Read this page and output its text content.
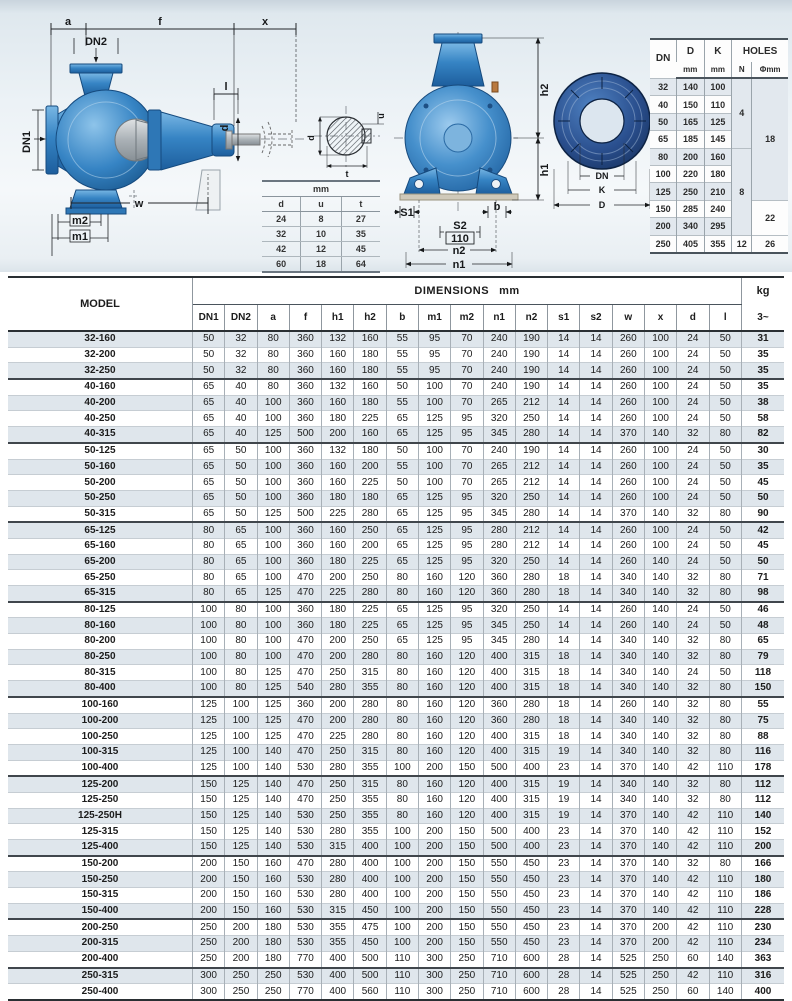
a	f	x
DN2
l
d
DN1
w
m2
m1
d
u
t
mm		
d	u	t
24	8	27
32	10	35
42	12	45
60	18	64
h2
h1
S1	b
S2
110
n2
n1
DN
K
D
DN	D	K	HOLES	
	mm	mm	N	Φmm
32	140	100	4	18
40	150	110		
50	165	125		
65	185	145		
80	200	160	8	
100	220	180		
125	250	210		
150	285	240		22
200	340	295		
250	405	355	12	26
MODEL	DIMENSIONS mm																	kg
	DN1	DN2	a	f	h1	h2	b	m1	m2	n1	n2	s1	s2	w	x	d	l	3~
32-160	50	32	80	360	132	160	55	95	70	240	190	14	14	260	100	24	50	31
32-200	50	32	80	360	160	180	55	95	70	240	190	14	14	260	100	24	50	35
32-250	50	32	80	360	160	180	55	95	70	240	190	14	14	260	100	24	50	35
40-160	65	40	80	360	132	160	50	100	70	240	190	14	14	260	100	24	50	35
40-200	65	40	100	360	160	180	55	100	70	265	212	14	14	260	100	24	50	38
40-250	65	40	100	360	180	225	65	125	95	320	250	14	14	260	100	24	50	58
40-315	65	40	125	500	200	160	65	125	95	345	280	14	14	370	140	32	80	82
50-125	65	50	100	360	132	180	50	100	70	240	190	14	14	260	100	24	50	30
50-160	65	50	100	360	160	200	55	100	70	265	212	14	14	260	100	24	50	35
50-200	65	50	100	360	160	225	50	100	70	265	212	14	14	260	100	24	50	45
50-250	65	50	100	360	180	180	65	125	95	320	250	14	14	260	100	24	50	50
50-315	65	50	125	500	225	280	65	125	95	345	280	14	14	370	140	32	80	90
65-125	80	65	100	360	160	250	65	125	95	280	212	14	14	260	100	24	50	42
65-160	80	65	100	360	160	200	65	125	95	280	212	14	14	260	100	24	50	45
65-200	80	65	100	360	180	225	65	125	95	320	250	14	14	260	140	24	50	50
65-250	80	65	100	470	200	250	80	160	120	360	280	18	14	340	140	32	80	71
65-315	80	65	125	470	225	280	80	160	120	360	280	18	14	340	140	32	80	98
80-125	100	80	100	360	180	225	65	125	95	320	250	14	14	260	140	24	50	46
80-160	100	80	100	360	180	225	65	125	95	345	250	14	14	260	140	24	50	48
80-200	100	80	100	470	200	250	65	125	95	345	280	14	14	340	140	32	80	65
80-250	100	80	100	470	200	280	80	160	120	400	315	18	14	340	140	32	80	79
80-315	100	80	125	470	250	315	80	160	120	400	315	18	14	340	140	24	50	118
80-400	100	80	125	540	280	355	80	160	120	400	315	18	14	340	140	32	80	150
100-160	125	100	125	360	200	280	80	160	120	360	280	18	14	260	140	32	80	55
100-200	125	100	125	470	200	280	80	160	120	360	280	18	14	340	140	32	80	75
100-250	125	100	125	470	225	280	80	160	120	400	315	18	14	340	140	32	80	88
100-315	125	100	140	470	250	315	80	160	120	400	315	19	14	340	140	32	80	116
100-400	125	100	140	530	280	355	100	200	150	500	400	23	14	370	140	42	110	178
125-200	150	125	140	470	250	315	80	160	120	400	315	19	14	340	140	32	80	112
125-250	150	125	140	470	250	355	80	160	120	400	315	19	14	340	140	32	80	112
125-250H	150	125	140	530	250	355	80	160	120	400	315	19	14	370	140	42	110	140
125-315	150	125	140	530	280	355	100	200	150	500	400	23	14	370	140	42	110	152
125-400	150	125	140	530	315	400	100	200	150	500	400	23	14	370	140	42	110	200
150-200	200	150	160	470	280	400	100	200	150	550	450	23	14	370	140	32	80	166
150-250	200	150	160	530	280	400	100	200	150	550	450	23	14	370	140	42	110	180
150-315	200	150	160	530	280	400	100	200	150	550	450	23	14	370	140	42	110	186
150-400	200	150	160	530	315	450	100	200	150	550	450	23	14	370	140	42	110	228
200-250	250	200	180	530	355	475	100	200	150	550	450	23	14	370	200	42	110	230
200-315	250	200	180	530	355	450	100	200	150	550	450	23	14	370	200	42	110	234
200-400	250	200	180	770	400	500	110	300	250	710	600	28	14	525	250	60	140	363
250-315	300	250	250	530	400	500	110	300	250	710	600	28	14	525	250	42	110	316
250-400	300	250	250	770	400	560	110	300	250	710	600	28	14	525	250	60	140	400
